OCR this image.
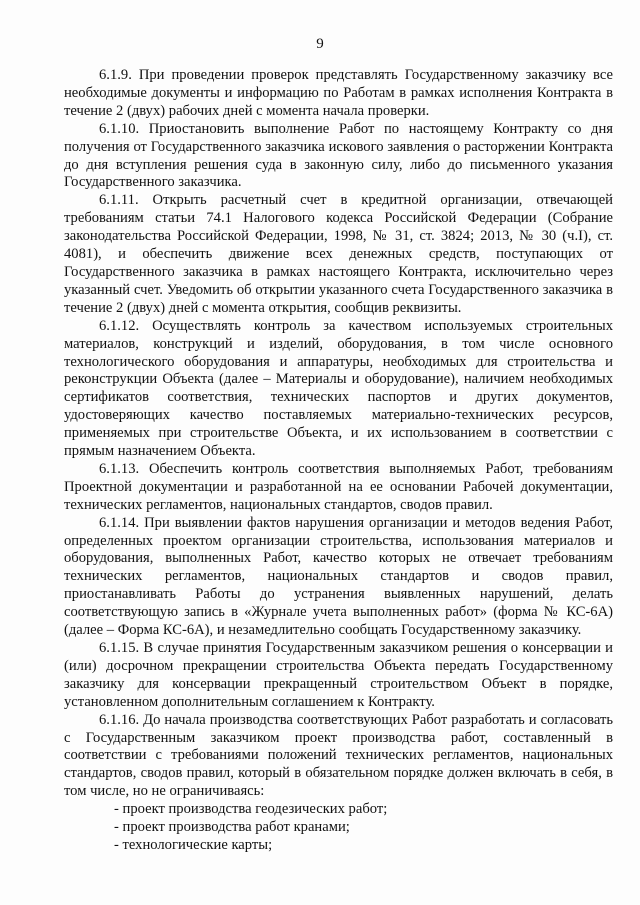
9

6.1.9. При проведении проверок представлять Государственному заказчику все необходимые документы и информацию по Работам в рамках исполнения Контракта в течение 2 (двух) рабочих дней с момента начала проверки.

6.1.10. Приостановить выполнение Работ по настоящему Контракту со дня получения от Государственного заказчика искового заявления о расторжении Контракта до дня вступления решения суда в законную силу, либо до письменного указания Государственного заказчика.

6.1.11. Открыть расчетный счет в кредитной организации, отвечающей требованиям статьи 74.1 Налогового кодекса Российской Федерации (Собрание законодательства Российской Федерации, 1998, № 31, ст. 3824; 2013, № 30 (ч.I), ст. 4081), и обеспечить движение всех денежных средств, поступающих от Государственного заказчика в рамках настоящего Контракта, исключительно через указанный счет. Уведомить об открытии указанного счета Государственного заказчика в течение 2 (двух) дней с момента открытия, сообщив реквизиты.

6.1.12. Осуществлять контроль за качеством используемых строительных материалов, конструкций и изделий, оборудования, в том числе основного технологического оборудования и аппаратуры, необходимых для строительства и реконструкции Объекта (далее – Материалы и оборудование), наличием необходимых сертификатов соответствия, технических паспортов и других документов, удостоверяющих качество поставляемых материально-технических ресурсов, применяемых при строительстве Объекта, и их использованием в соответствии с прямым назначением Объекта.

6.1.13. Обеспечить контроль соответствия выполняемых Работ, требованиям Проектной документации и разработанной на ее основании Рабочей документации, технических регламентов, национальных стандартов, сводов правил.

6.1.14. При выявлении фактов нарушения организации и методов ведения Работ, определенных проектом организации строительства, использования материалов и оборудования, выполненных Работ, качество которых не отвечает требованиям технических регламентов, национальных стандартов и сводов правил, приостанавливать Работы до устранения выявленных нарушений, делать соответствующую запись в «Журнале учета выполненных работ» (форма № КС-6А) (далее – Форма КС-6А), и незамедлительно сообщать Государственному заказчику.

6.1.15. В случае принятия Государственным заказчиком решения о консервации и (или) досрочном прекращении строительства Объекта передать Государственному заказчику для консервации прекращенный строительством Объект в порядке, установленном дополнительным соглашением к Контракту.

6.1.16. До начала производства соответствующих Работ разработать и согласовать с Государственным заказчиком проект производства работ, составленный в соответствии с требованиями положений технических регламентов, национальных стандартов, сводов правил, который в обязательном порядке должен включать в себя, в том числе, но не ограничиваясь:

- проект производства геодезических работ;
- проект производства работ кранами;
- технологические карты;
